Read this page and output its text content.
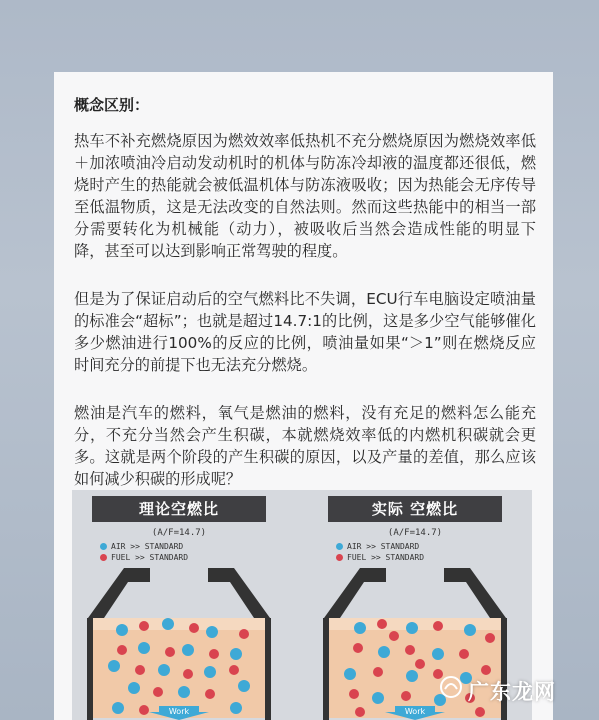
概念区别：
热车不补充燃烧原因为燃效效率低热机不充分燃烧原因为燃烧效率低＋加浓喷油冷启动发动机时的机体与防冻冷却液的温度都还很低，燃烧时产生的热能就会被低温机体与防冻液吸收；因为热能会无序传导至低温物质，这是无法改变的自然法则。然而这些热能中的相当一部分需要转化为机械能（动力），被吸收后当然会造成性能的明显下降，甚至可以达到影响正常驾驶的程度。
但是为了保证启动后的空气燃料比不失调，ECU行车电脑设定喷油量的标准会“超标”；也就是超过14.7:1的比例，这是多少空气能够催化多少燃油进行100%的反应的比例，喷油量如果“＞1”则在燃烧反应时间充分的前提下也无法充分燃烧。
燃油是汽车的燃料，氧气是燃油的燃料，没有充足的燃料怎么能充分，不充分当然会产生积碳，本就燃烧效率低的内燃机积碳就会更多。这就是两个阶段的产生积碳的原因，以及产量的差值，那么应该如何减少积碳的形成呢？
理论空燃比
(A/F=14.7)
AIR >> STANDARD
FUEL >> STANDARD
Work
实际 空燃比
(A/F=14.7)
AIR >> STANDARD
FUEL >> STANDARD
Work
广东龙网
